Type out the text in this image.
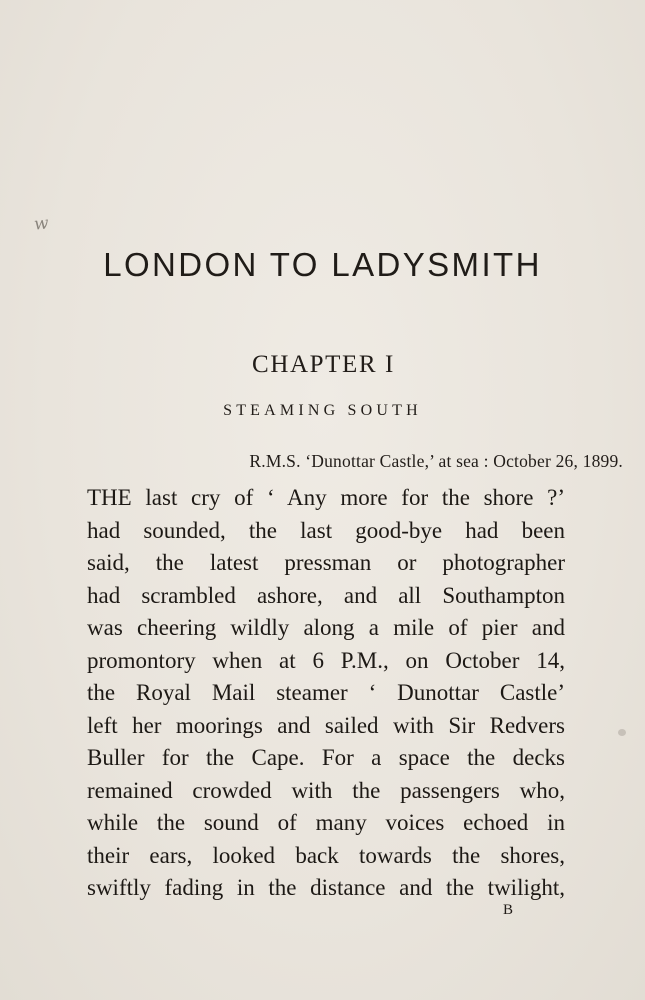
w
LONDON TO LADYSMITH
CHAPTER I
STEAMING SOUTH
R.M.S. ‘Dunottar Castle,’ at sea : October 26, 1899.
THE last cry of ‘ Any more for the shore ?’
had sounded, the last good-bye had been
said, the latest pressman or photographer
had scrambled ashore, and all Southampton
was cheering wildly along a mile of pier and
promontory when at 6 P.M., on October 14,
the Royal Mail steamer ‘ Dunottar Castle’
left her moorings and sailed with Sir Redvers
Buller for the Cape. For a space the decks
remained crowded with the passengers who,
while the sound of many voices echoed in
their ears, looked back towards the shores,
swiftly fading in the distance and the twilight,
B
